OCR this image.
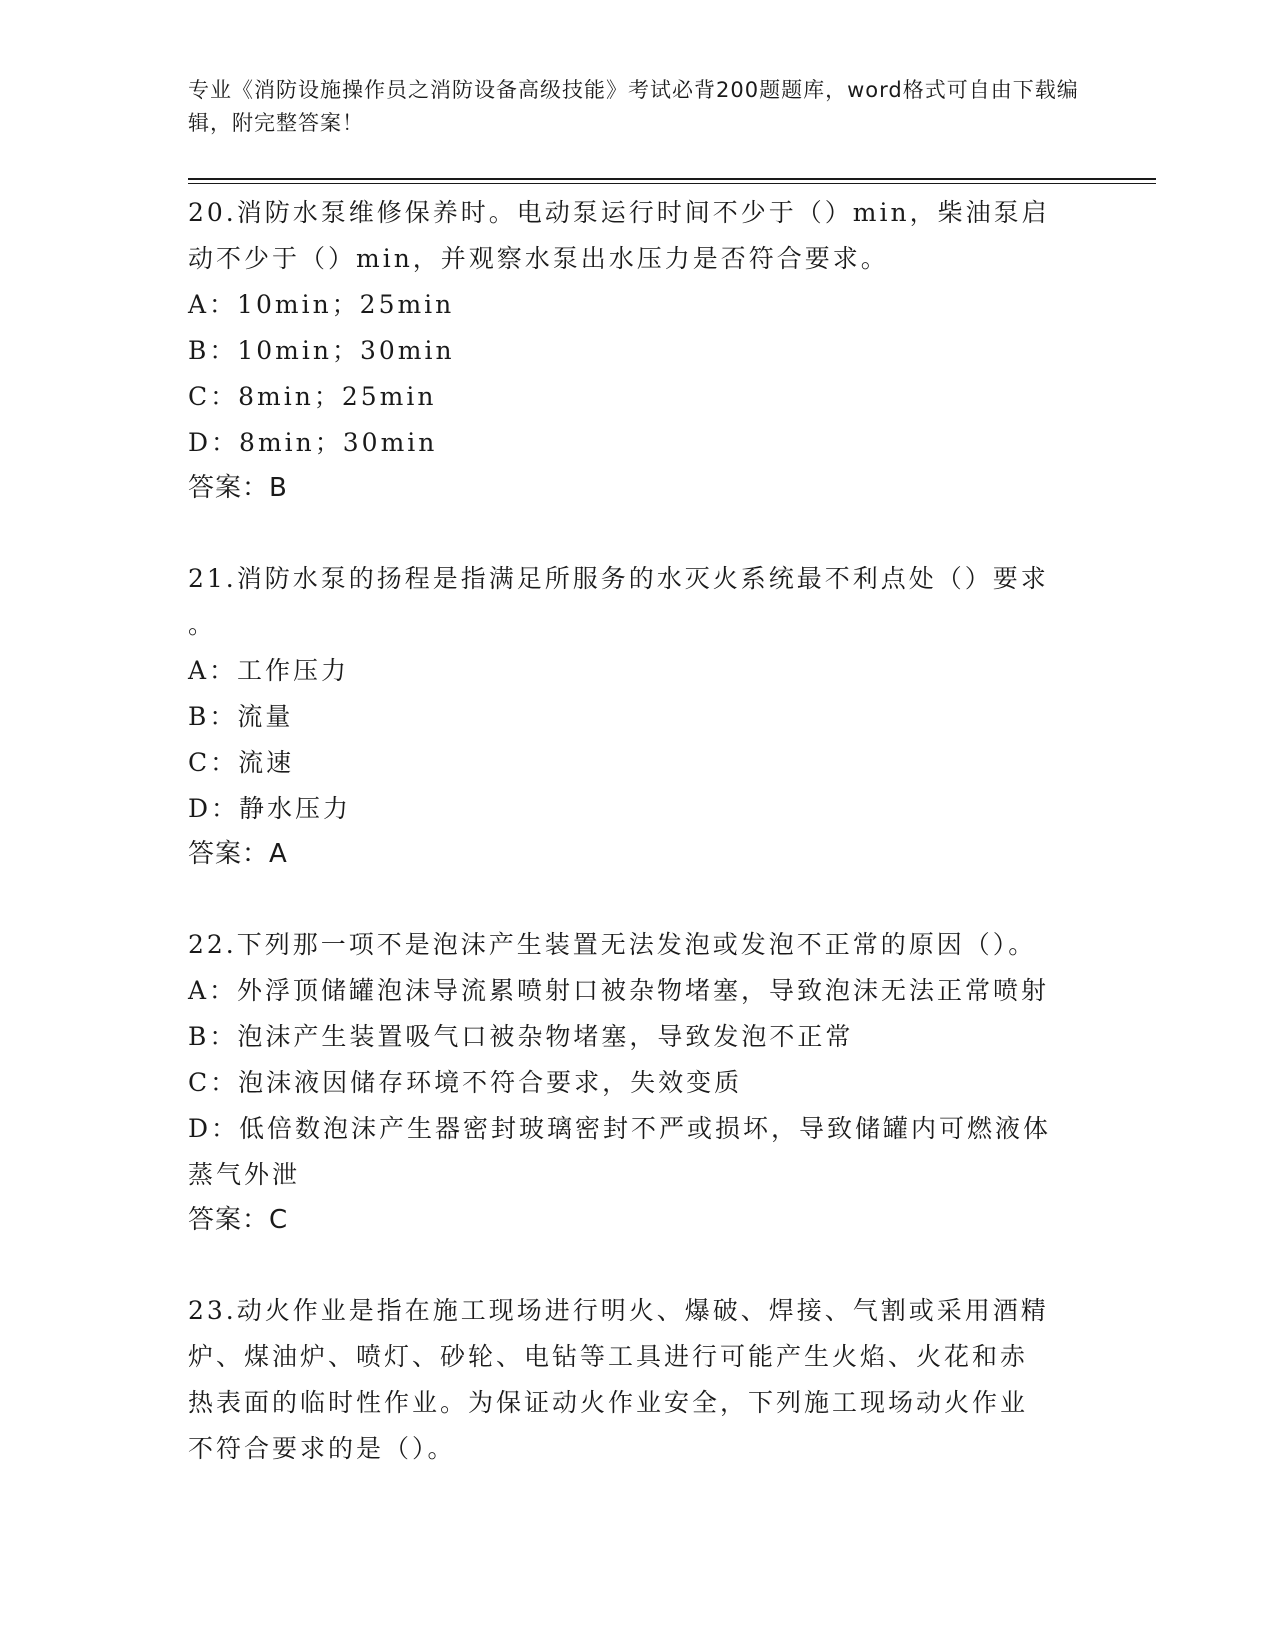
专业《消防设施操作员之消防设备高级技能》考试必背200题题库，word格式可自由下载编辑，附完整答案！
20.消防水泵维修保养时。电动泵运行时间不少于（）min，柴油泵启
动不少于（）min，并观察水泵出水压力是否符合要求。
A：10min；25min
B：10min；30min
C：8min；25min
D：8min；30min
答案：B
21.消防水泵的扬程是指满足所服务的水灭火系统最不利点处（）要求
。
A：工作压力
B：流量
C：流速
D：静水压力
答案：A
22.下列那一项不是泡沫产生装置无法发泡或发泡不正常的原因（）。
A：外浮顶储罐泡沫导流累喷射口被杂物堵塞，导致泡沫无法正常喷射
B：泡沫产生装置吸气口被杂物堵塞，导致发泡不正常
C：泡沫液因储存环境不符合要求，失效变质
D：低倍数泡沫产生器密封玻璃密封不严或损坏，导致储罐内可燃液体
蒸气外泄
答案：C
23.动火作业是指在施工现场进行明火、爆破、焊接、气割或采用酒精
炉、煤油炉、喷灯、砂轮、电钻等工具进行可能产生火焰、火花和赤
热表面的临时性作业。为保证动火作业安全，下列施工现场动火作业
不符合要求的是（）。
